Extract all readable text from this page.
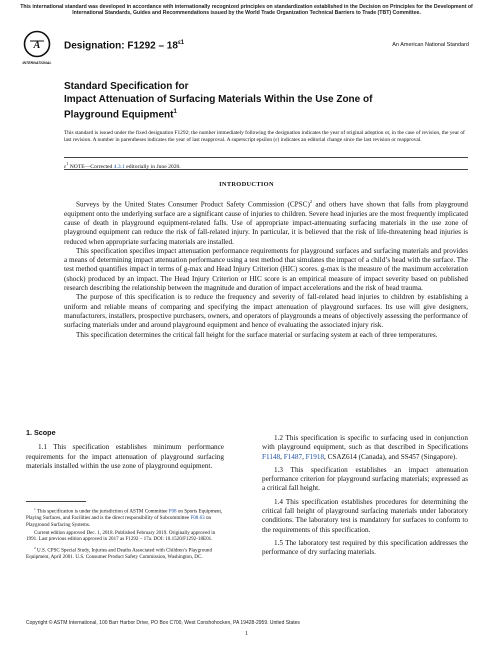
This international standard was developed in accordance with internationally recognized principles on standardization established in the Decision on Principles for the Development of International Standards, Guides and Recommendations issued by the World Trade Organization Technical Barriers to Trade (TBT) Committee.
A
INTERNATIONAL
Designation: $F1292 - 18^{\varepsilon 1}$	An American National Standard
Standard Specification for
Impact Attenuation of Surfacing Materials Within the Use Zone of Playground Equipment$^1$
This standard is issued under the fixed designation F1292; the number immediately following the designation indicates the year of original adoption or, in the case of revision, the year of last revision. A number in parentheses indicates the year of last reapproval. A superscript epsilon (ε) indicates an editorial change since the last revision or reapproval.
$\varepsilon^1$ NOTE—Corrected 4.3.1 editorially in June 2020.
INTRODUCTION

Surveys by the United States Consumer Product Safety Commission (CPSC)$^2$ and others have shown that falls from playground equipment onto the underlying surface are a significant cause of injuries to children. Severe head injuries are the most frequently implicated cause of death in playground equipment-related falls. Use of appropriate impact-attenuating surfacing materials in the use zone of playground equipment can reduce the risk of fall-related injury. In particular, it is believed that the risk of life-threatening head injuries is reduced when appropriate surfacing materials are installed.

This specification specifies impact attenuation performance requirements for playground surfaces and surfacing materials and provides a means of determining impact attenuation performance using a test method that simulates the impact of a child’s head with the surface. The test method quantifies impact in terms of g-max and Head Injury Criterion (HIC) scores. g-max is the measure of the maximum acceleration (shock) produced by an impact. The Head Injury Criterion or HIC score is an empirical measure of impact severity based on published research describing the relationship between the magnitude and duration of impact accelerations and the risk of head trauma.

The purpose of this specification is to reduce the frequency and severity of fall-related head injuries to children by establishing a uniform and reliable means of comparing and specifying the impact attenuation of playground surfaces. Its use will give designers, manufacturers, installers, prospective purchasers, owners, and operators of playgrounds a means of objectively assessing the performance of surfacing materials under and around playground equipment and hence of evaluating the associated injury risk.

This specification determines the critical fall height for the surface material or surfacing system at each of three temperatures.

1. Scope

1.1 This specification establishes minimum performance requirements for the impact attenuation of playground surfacing materials installed within the use zone of playground equipment.

$^1$ This specification is under the jurisdiction of ASTM Committee F08 on Sports Equipment, Playing Surfaces, and Facilities and is the direct responsibility of Subcommittee F08.63 on Playground Surfacing Systems.

Current edition approved Dec. 1, 2018. Published February 2019. Originally approved in 1991. Last previous edition approved in 2017 as F1292 – 17a. DOI: 10.1520/F1292-18E01.

$^2$ U.S. CPSC Special Study, Injuries and Deaths Associated with Children’s Playground Equipment, April 2001. U.S. Consumer Product Safety Commission, Washington, DC.

1.2 This specification is specific to surfacing used in conjunction with playground equipment, such as that described in Specifications F1148, F1487, F1918, CSAZ614 (Canada), and SS457 (Singapore).

1.3 This specification establishes an impact attenuation performance criterion for playground surfacing materials; expressed as a critical fall height.

1.4 This specification establishes procedures for determining the critical fall height of playground surfacing materials under laboratory conditions. The laboratory test is mandatory for surfaces to conform to the requirements of this specification.

1.5 The laboratory test required by this specification addresses the performance of dry surfacing materials.

Copyright © ASTM International, 100 Barr Harbor Drive, PO Box C700, West Conshohocken, PA 19428-2959. United States
1
